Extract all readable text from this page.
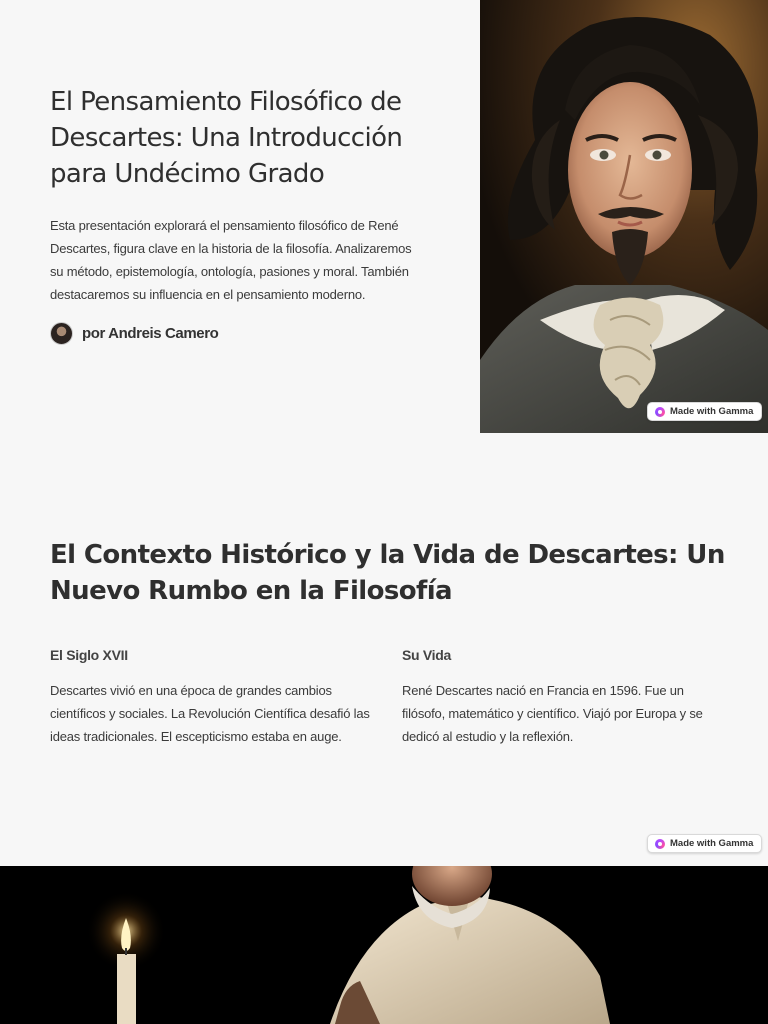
El Pensamiento Filosófico de Descartes: Una Introducción para Undécimo Grado

Esta presentación explorará el pensamiento filosófico de René Descartes, figura clave en la historia de la filosofía. Analizaremos su método, epistemología, ontología, pasiones y moral. También destacaremos su influencia en el pensamiento moderno.

por Andreis Camero
Made with Gamma
El Contexto Histórico y la Vida de Descartes: Un Nuevo Rumbo en la Filosofía
El Siglo XVII

Descartes vivió en una época de grandes cambios científicos y sociales. La Revolución Científica desafió las ideas tradicionales. El escepticismo estaba en auge.

Su Vida

René Descartes nació en Francia en 1596. Fue un filósofo, matemático y científico. Viajó por Europa y se dedicó al estudio y la reflexión.

Made with Gamma
